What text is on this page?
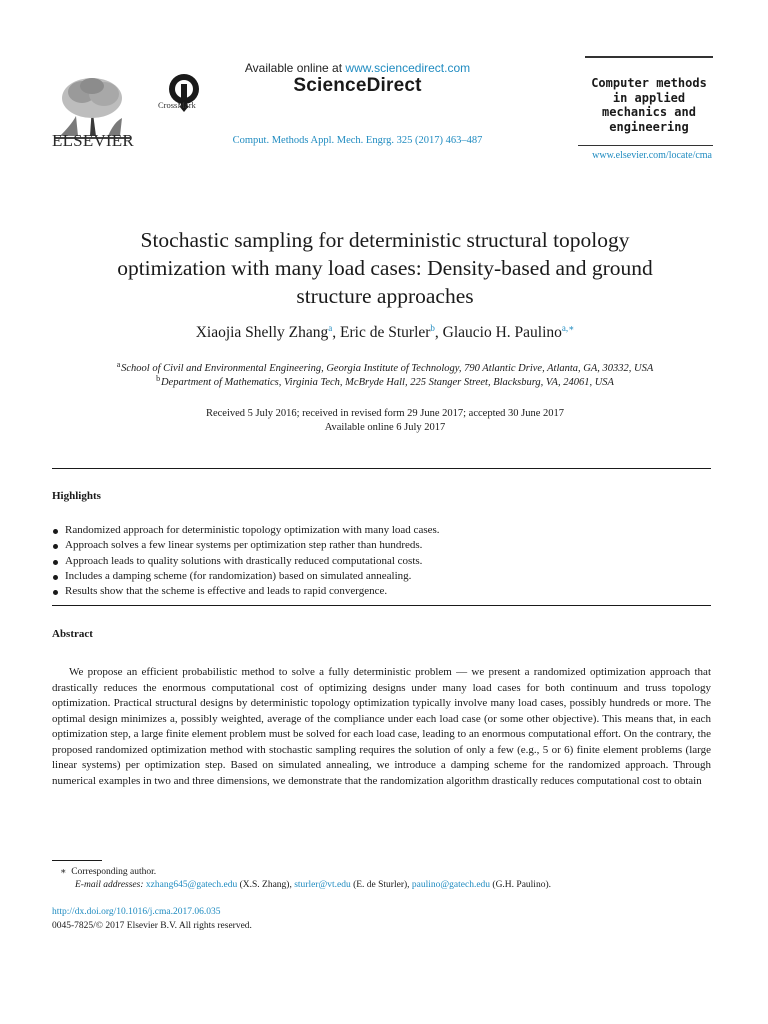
ELSEVIER
CrossMark
Available online at www.sciencedirect.com
ScienceDirect
Comput. Methods Appl. Mech. Engrg. 325 (2017) 463–487
Computer methods
in applied
mechanics and
engineering
www.elsevier.com/locate/cma
Stochastic sampling for deterministic structural topology
optimization with many load cases: Density-based and ground
structure approaches
Xiaojia Shelly Zhang$^a$, Eric de Sturler$^b$, Glaucio H. Paulino$^{a,∗}$
$^a$ School of Civil and Environmental Engineering, Georgia Institute of Technology, 790 Atlantic Drive, Atlanta, GA, 30332, USA
$^b$ Department of Mathematics, Virginia Tech, McBryde Hall, 225 Stanger Street, Blacksburg, VA, 24061, USA
Received 5 July 2016; received in revised form 29 June 2017; accepted 30 June 2017
Available online 6 July 2017
Highlights
Randomized approach for deterministic topology optimization with many load cases.
Approach solves a few linear systems per optimization step rather than hundreds.
Approach leads to quality solutions with drastically reduced computational costs.
Includes a damping scheme (for randomization) based on simulated annealing.
Results show that the scheme is effective and leads to rapid convergence.
Abstract
We propose an efficient probabilistic method to solve a fully deterministic problem — we present a randomized optimization approach that drastically reduces the enormous computational cost of optimizing designs under many load cases for both continuum and truss topology optimization. Practical structural designs by deterministic topology optimization typically involve many load cases, possibly hundreds or more. The optimal design minimizes a, possibly weighted, average of the compliance under each load case (or some other objective). This means that, in each optimization step, a large finite element problem must be solved for each load case, leading to an enormous computational effort. On the contrary, the proposed randomized optimization method with stochastic sampling requires the solution of only a few (e.g., 5 or 6) finite element problems (large linear systems) per optimization step. Based on simulated annealing, we introduce a damping scheme for the randomized approach. Through numerical examples in two and three dimensions, we demonstrate that the randomization algorithm drastically reduces computational cost to obtain
∗ Corresponding author.
E-mail addresses: xzhang645@gatech.edu (X.S. Zhang), sturler@vt.edu (E. de Sturler), paulino@gatech.edu (G.H. Paulino).
http://dx.doi.org/10.1016/j.cma.2017.06.035
0045-7825/© 2017 Elsevier B.V. All rights reserved.
